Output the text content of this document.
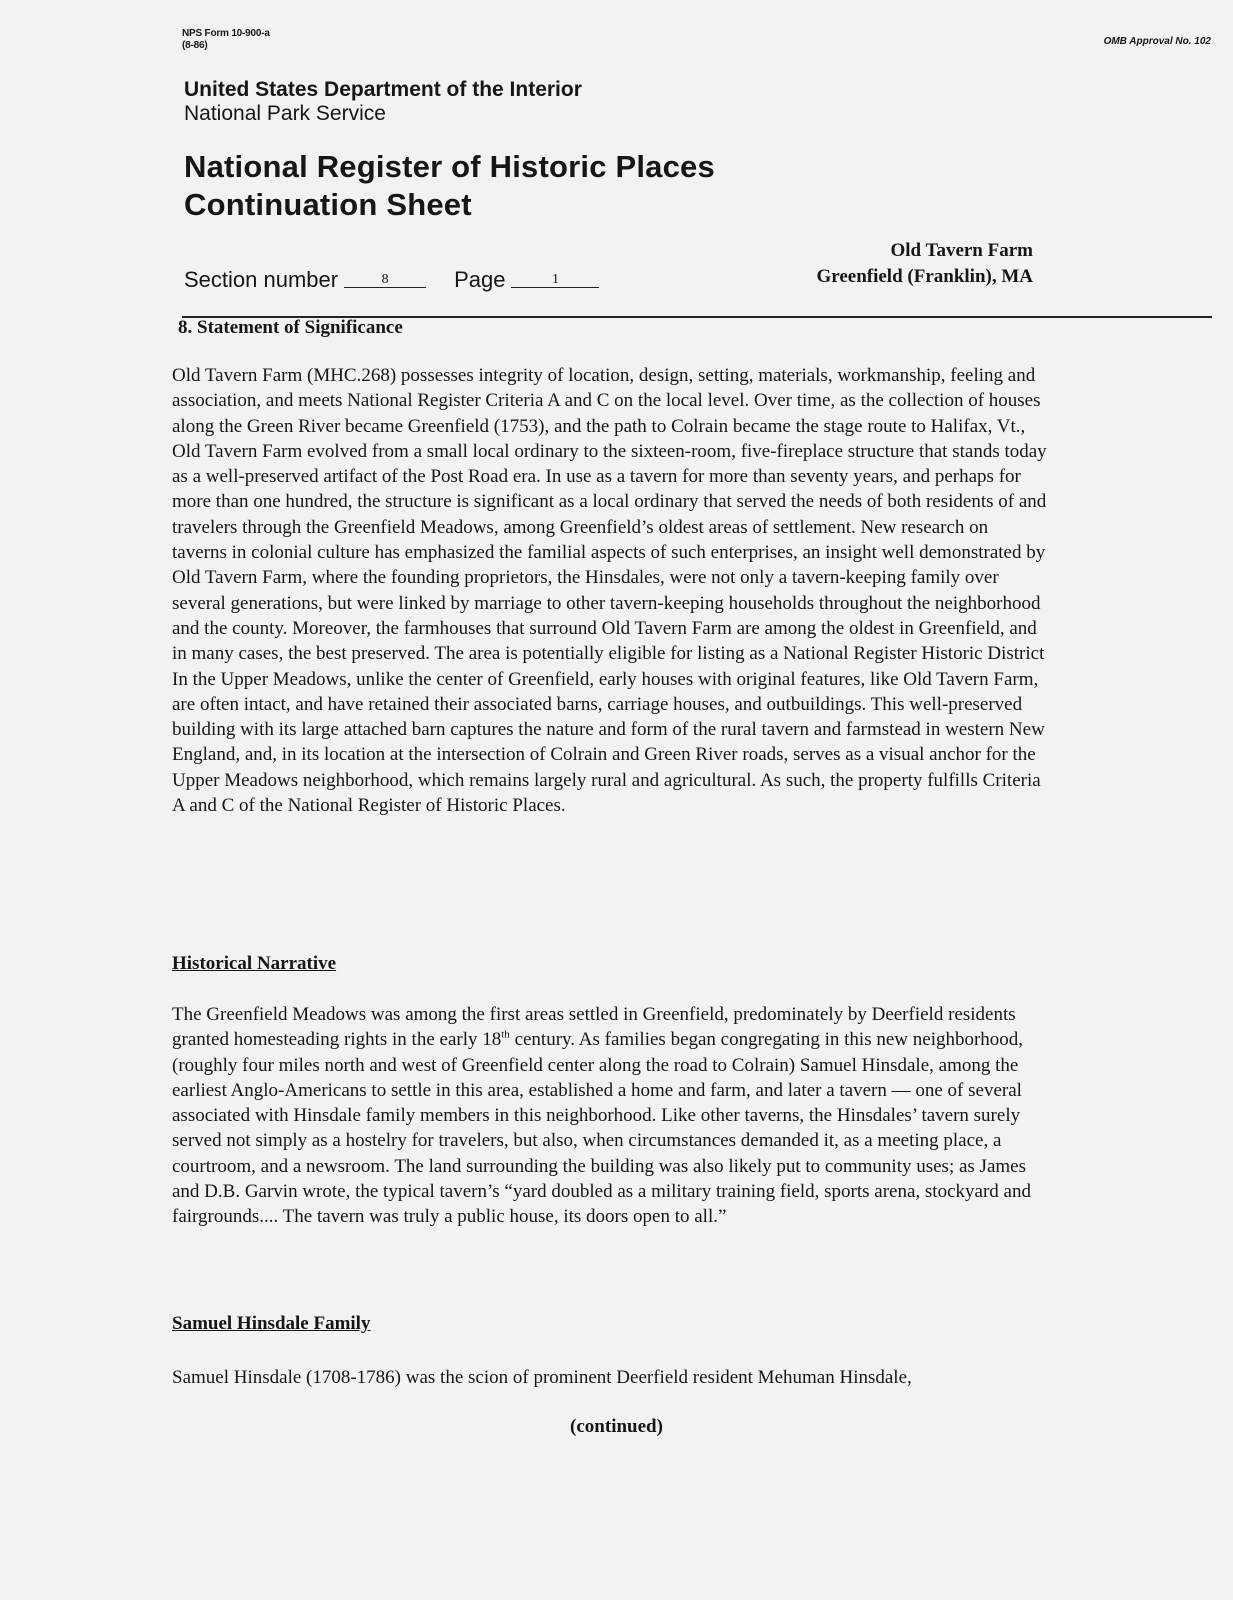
NPS Form 10-900-a
(8-86)	OMB Approval No. 102
United States Department of the Interior
National Park Service
National Register of Historic Places
Continuation Sheet
Old Tavern Farm
Greenfield (Franklin), MA
Section number	8	Page	1
8. Statement of Significance

Old Tavern Farm (MHC.268) possesses integrity of location, design, setting, materials, workmanship, feeling and association, and meets National Register Criteria A and C on the local level. Over time, as the collection of houses along the Green River became Greenfield (1753), and the path to Colrain became the stage route to Halifax, Vt., Old Tavern Farm evolved from a small local ordinary to the sixteen-room, five-fireplace structure that stands today as a well-preserved artifact of the Post Road era. In use as a tavern for more than seventy years, and perhaps for more than one hundred, the structure is significant as a local ordinary that served the needs of both residents of and travelers through the Greenfield Meadows, among Greenfield’s oldest areas of settlement. New research on taverns in colonial culture has emphasized the familial aspects of such enterprises, an insight well demonstrated by Old Tavern Farm, where the founding proprietors, the Hinsdales, were not only a tavern-keeping family over several generations, but were linked by marriage to other tavern-keeping households throughout the neighborhood and the county. Moreover, the farmhouses that surround Old Tavern Farm are among the oldest in Greenfield, and in many cases, the best preserved. The area is potentially eligible for listing as a National Register Historic District In the Upper Meadows, unlike the center of Greenfield, early houses with original features, like Old Tavern Farm, are often intact, and have retained their associated barns, carriage houses, and outbuildings. This well-preserved building with its large attached barn captures the nature and form of the rural tavern and farmstead in western New England, and, in its location at the intersection of Colrain and Green River roads, serves as a visual anchor for the Upper Meadows neighborhood, which remains largely rural and agricultural. As such, the property fulfills Criteria A and C of the National Register of Historic Places.

Historical Narrative

The Greenfield Meadows was among the first areas settled in Greenfield, predominately by Deerfield residents granted homesteading rights in the early 18th century. As families began congregating in this new neighborhood, (roughly four miles north and west of Greenfield center along the road to Colrain) Samuel Hinsdale, among the earliest Anglo-Americans to settle in this area, established a home and farm, and later a tavern — one of several associated with Hinsdale family members in this neighborhood. Like other taverns, the Hinsdales’ tavern surely served not simply as a hostelry for travelers, but also, when circumstances demanded it, as a meeting place, a courtroom, and a newsroom. The land surrounding the building was also likely put to community uses; as James and D.B. Garvin wrote, the typical tavern’s “yard doubled as a military training field, sports arena, stockyard and fairgrounds.... The tavern was truly a public house, its doors open to all.”

Samuel Hinsdale Family

Samuel Hinsdale (1708-1786) was the scion of prominent Deerfield resident Mehuman Hinsdale,

(continued)
